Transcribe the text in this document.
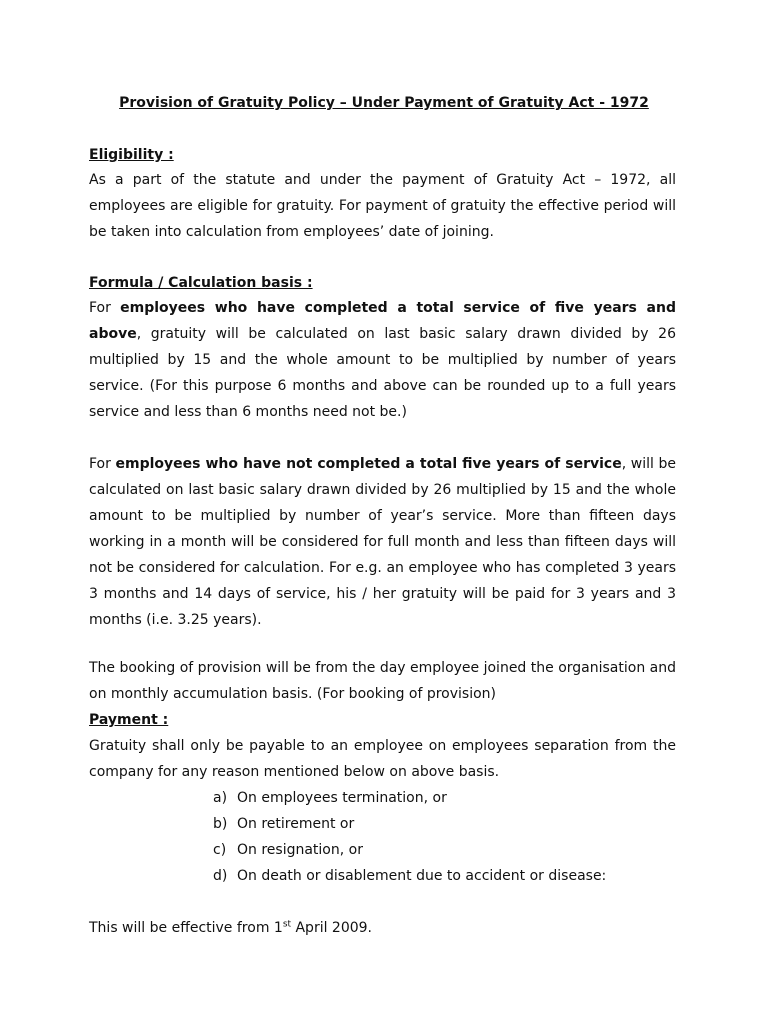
Provision of Gratuity Policy – Under Payment of Gratuity Act - 1972
Eligibility :
As a part of the statute and under the payment of Gratuity Act – 1972, all employees are eligible for gratuity. For payment of gratuity the effective period will be taken into calculation from employees’ date of joining.
Formula / Calculation basis :
For employees who have completed a total service of five years and above, gratuity will be calculated on last basic salary drawn divided by 26 multiplied by 15 and the whole amount to be multiplied by number of years service. (For this purpose 6 months and above can be rounded up to a full years service and less than 6 months need not be.)
For employees who have not completed a total five years of service, will be calculated on last basic salary drawn divided by 26 multiplied by 15 and the whole amount to be multiplied by number of year’s service. More than fifteen days working in a month will be considered for full month and less than fifteen days will not be considered for calculation. For e.g. an employee who has completed 3 years 3 months and 14 days of service, his / her gratuity will be paid for 3 years and 3 months (i.e. 3.25 years).
The booking of provision will be from the day employee joined the organisation and on monthly accumulation basis. (For booking of provision)
Payment :
Gratuity shall only be payable to an employee on employees separation from the company for any reason mentioned below on above basis.
a) On employees termination, or
b) On retirement or
c) On resignation, or
d) On death or disablement due to accident or disease:
This will be effective from 1st April 2009.
